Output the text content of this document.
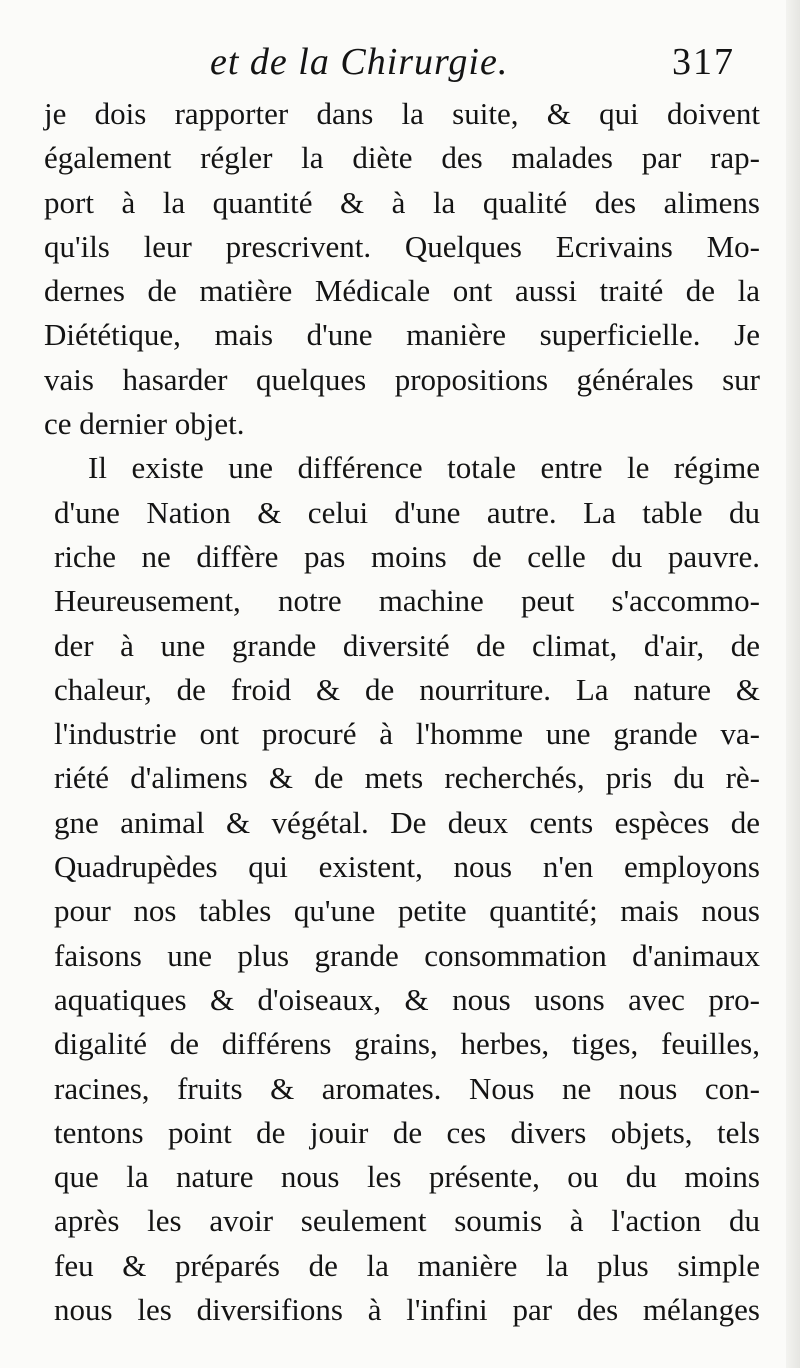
et de la Chirurgie.	317
je dois rapporter dans la suite, & qui doivent
également régler la diète des malades par rap-
port à la quantité & à la qualité des alimens
qu'ils leur prescrivent. Quelques Ecrivains Mo-
dernes de matière Médicale ont aussi traité de la
Diététique, mais d'une manière superficielle. Je
vais hasarder quelques propositions générales sur
ce dernier objet.
Il existe une différence totale entre le régime
d'une Nation & celui d'une autre. La table du
riche ne diffère pas moins de celle du pauvre.
Heureusement, notre machine peut s'accommo-
der à une grande diversité de climat, d'air, de
chaleur, de froid & de nourriture. La nature &
l'industrie ont procuré à l'homme une grande va-
riété d'alimens & de mets recherchés, pris du rè-
gne animal & végétal. De deux cents espèces de
Quadrupèdes qui existent, nous n'en employons
pour nos tables qu'une petite quantité; mais nous
faisons une plus grande consommation d'animaux
aquatiques & d'oiseaux, & nous usons avec pro-
digalité de différens grains, herbes, tiges, feuilles,
racines, fruits & aromates. Nous ne nous con-
tentons point de jouir de ces divers objets, tels
que la nature nous les présente, ou du moins
après les avoir seulement soumis à l'action du
feu & préparés de la manière la plus simple
nous les diversifions à l'infini par des mélanges
